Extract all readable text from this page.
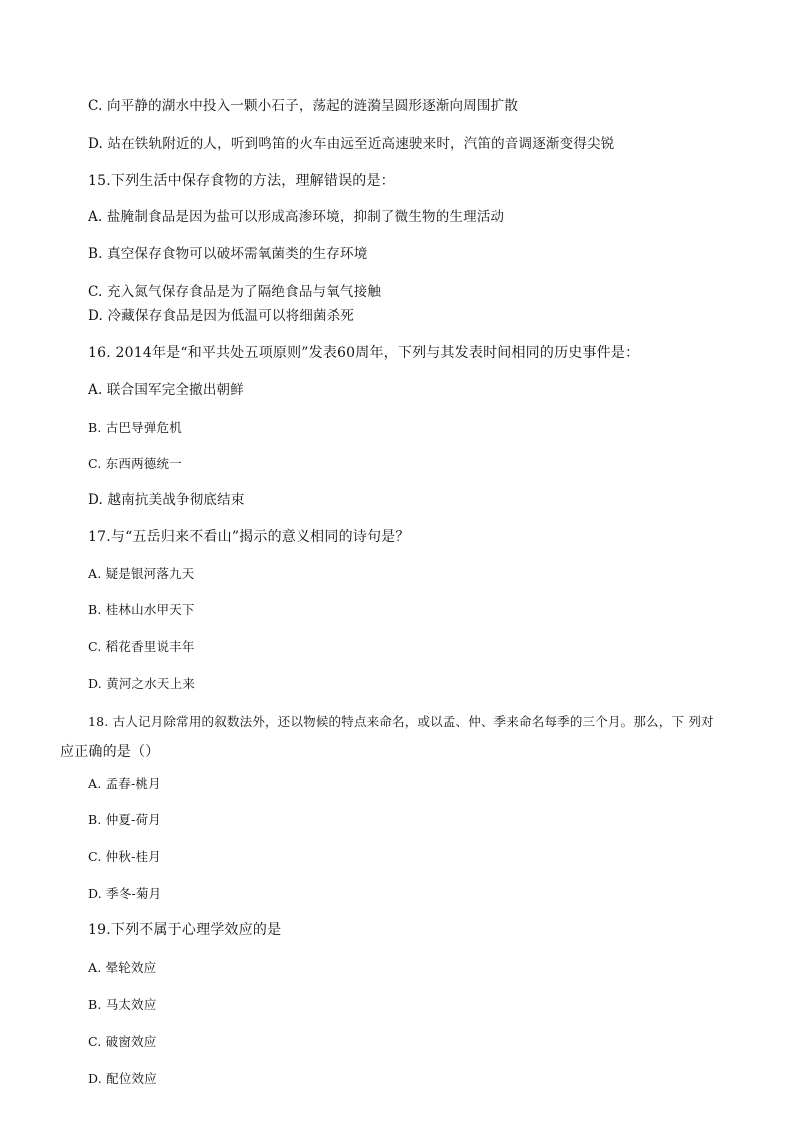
C. 向平静的湖水中投入一颗小石子，荡起的涟漪呈圆形逐渐向周围扩散
D. 站在铁轨附近的人，听到鸣笛的火车由远至近高速驶来时，汽笛的音调逐渐变得尖锐
15.下列生活中保存食物的方法，理解错误的是：
A. 盐腌制食品是因为盐可以形成高渗环境，抑制了微生物的生理活动
B. 真空保存食物可以破坏需氧菌类的生存环境
C. 充入氮气保存食品是为了隔绝食品与氧气接触
D. 冷藏保存食品是因为低温可以将细菌杀死
16. 2014年是“和平共处五项原则”发表60周年，下列与其发表时间相同的历史事件是：
A. 联合国军完全撤出朝鲜
B. 古巴导弹危机
C. 东西两德统一
D. 越南抗美战争彻底结束
17.与“五岳归来不看山”揭示的意义相同的诗句是？
A. 疑是银河落九天
B. 桂林山水甲天下
C. 稻花香里说丰年
D. 黄河之水天上来
18. 古人记月除常用的叙数法外，还以物候的特点来命名，或以孟、仲、季来命名每季的三个月。那么，下 列对
应正确的是（）
A. 孟春-桃月
B. 仲夏-荷月
C. 仲秋-桂月
D. 季冬-菊月
19.下列不属于心理学效应的是
A. 晕轮效应
B. 马太效应
C. 破窗效应
D. 配位效应
